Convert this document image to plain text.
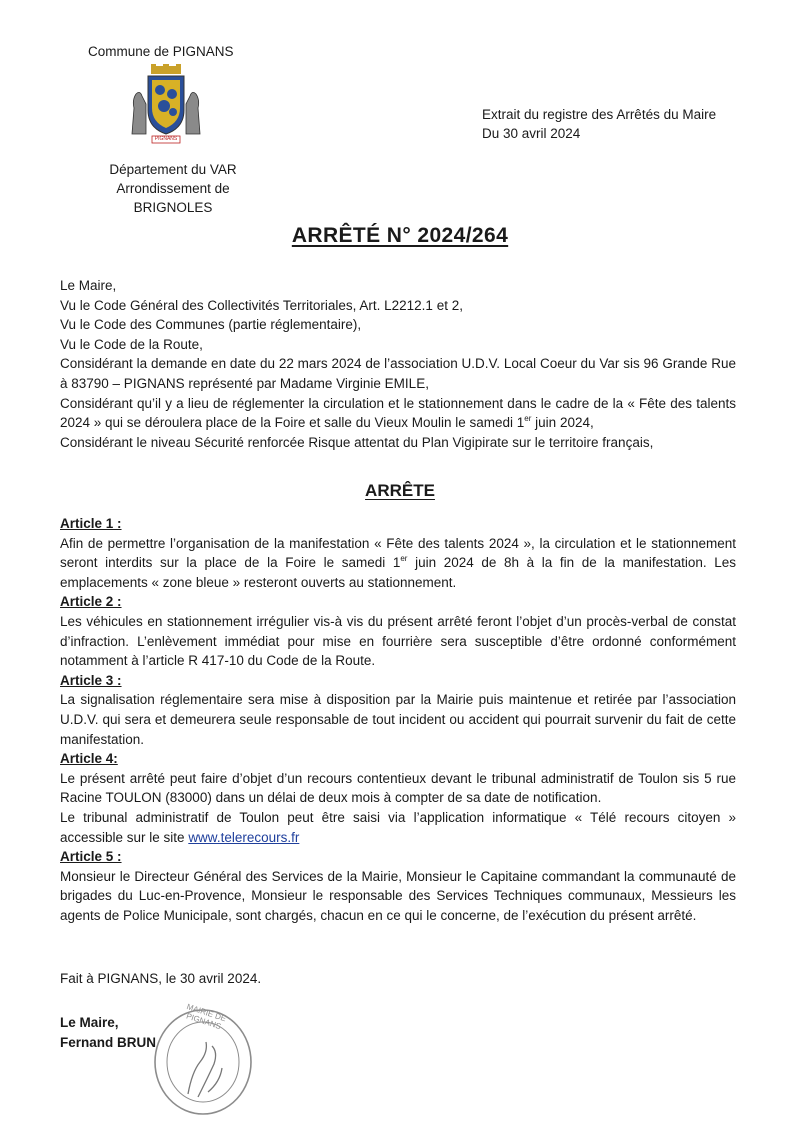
Commune de PIGNANS
PIGNANS
Département du VAR
Arrondissement de BRIGNOLES
Extrait du registre des Arrêtés du Maire
Du 30 avril 2024
ARRÊTÉ N° 2024/264

Le Maire,

Vu le Code Général des Collectivités Territoriales, Art. L2212.1 et 2,

Vu le Code des Communes (partie réglementaire),

Vu le Code de la Route,

Considérant la demande en date du 22 mars 2024 de l’association U.D.V. Local Coeur du Var sis 96 Grande Rue à 83790 – PIGNANS représenté par Madame Virginie EMILE,

Considérant qu’il y a lieu de réglementer la circulation et le stationnement dans le cadre de la « Fête des talents 2024 » qui se déroulera place de la Foire et salle du Vieux Moulin le samedi 1er juin 2024,

Considérant le niveau Sécurité renforcée Risque attentat du Plan Vigipirate sur le territoire français,

ARRÊTE

Article 1 :

Afin de permettre l’organisation de la manifestation « Fête des talents 2024 », la circulation et le stationnement seront interdits sur la place de la Foire le samedi 1er juin 2024 de 8h à la fin de la manifestation. Les emplacements « zone bleue » resteront ouverts au stationnement.

Article 2 :

Les véhicules en stationnement irrégulier vis-à vis du présent arrêté feront l’objet d’un procès-verbal de constat d’infraction. L’enlèvement immédiat pour mise en fourrière sera susceptible d’être ordonné conformément notamment à l’article R 417-10 du Code de la Route.

Article 3 :

La signalisation réglementaire sera mise à disposition par la Mairie puis maintenue et retirée par l’association U.D.V. qui sera et demeurera seule responsable de tout incident ou accident qui pourrait survenir du fait de cette manifestation.

Article 4:

Le présent arrêté peut faire d’objet d’un recours contentieux devant le tribunal administratif de Toulon sis 5 rue Racine TOULON (83000) dans un délai de deux mois à compter de sa date de notification.

Le tribunal administratif de Toulon peut être saisi via l’application informatique « Télé recours citoyen » accessible sur le site www.telerecours.fr

Article 5 :

Monsieur le Directeur Général des Services de la Mairie, Monsieur le Capitaine commandant la communauté de brigades du Luc-en-Provence, Monsieur le responsable des Services Techniques communaux, Messieurs les agents de Police Municipale, sont chargés, chacun en ce qui le concerne, de l’exécution du présent arrêté.

Fait à PIGNANS, le 30 avril 2024.
MAIRIE DE PIGNANS
Le Maire,
Fernand BRUN
